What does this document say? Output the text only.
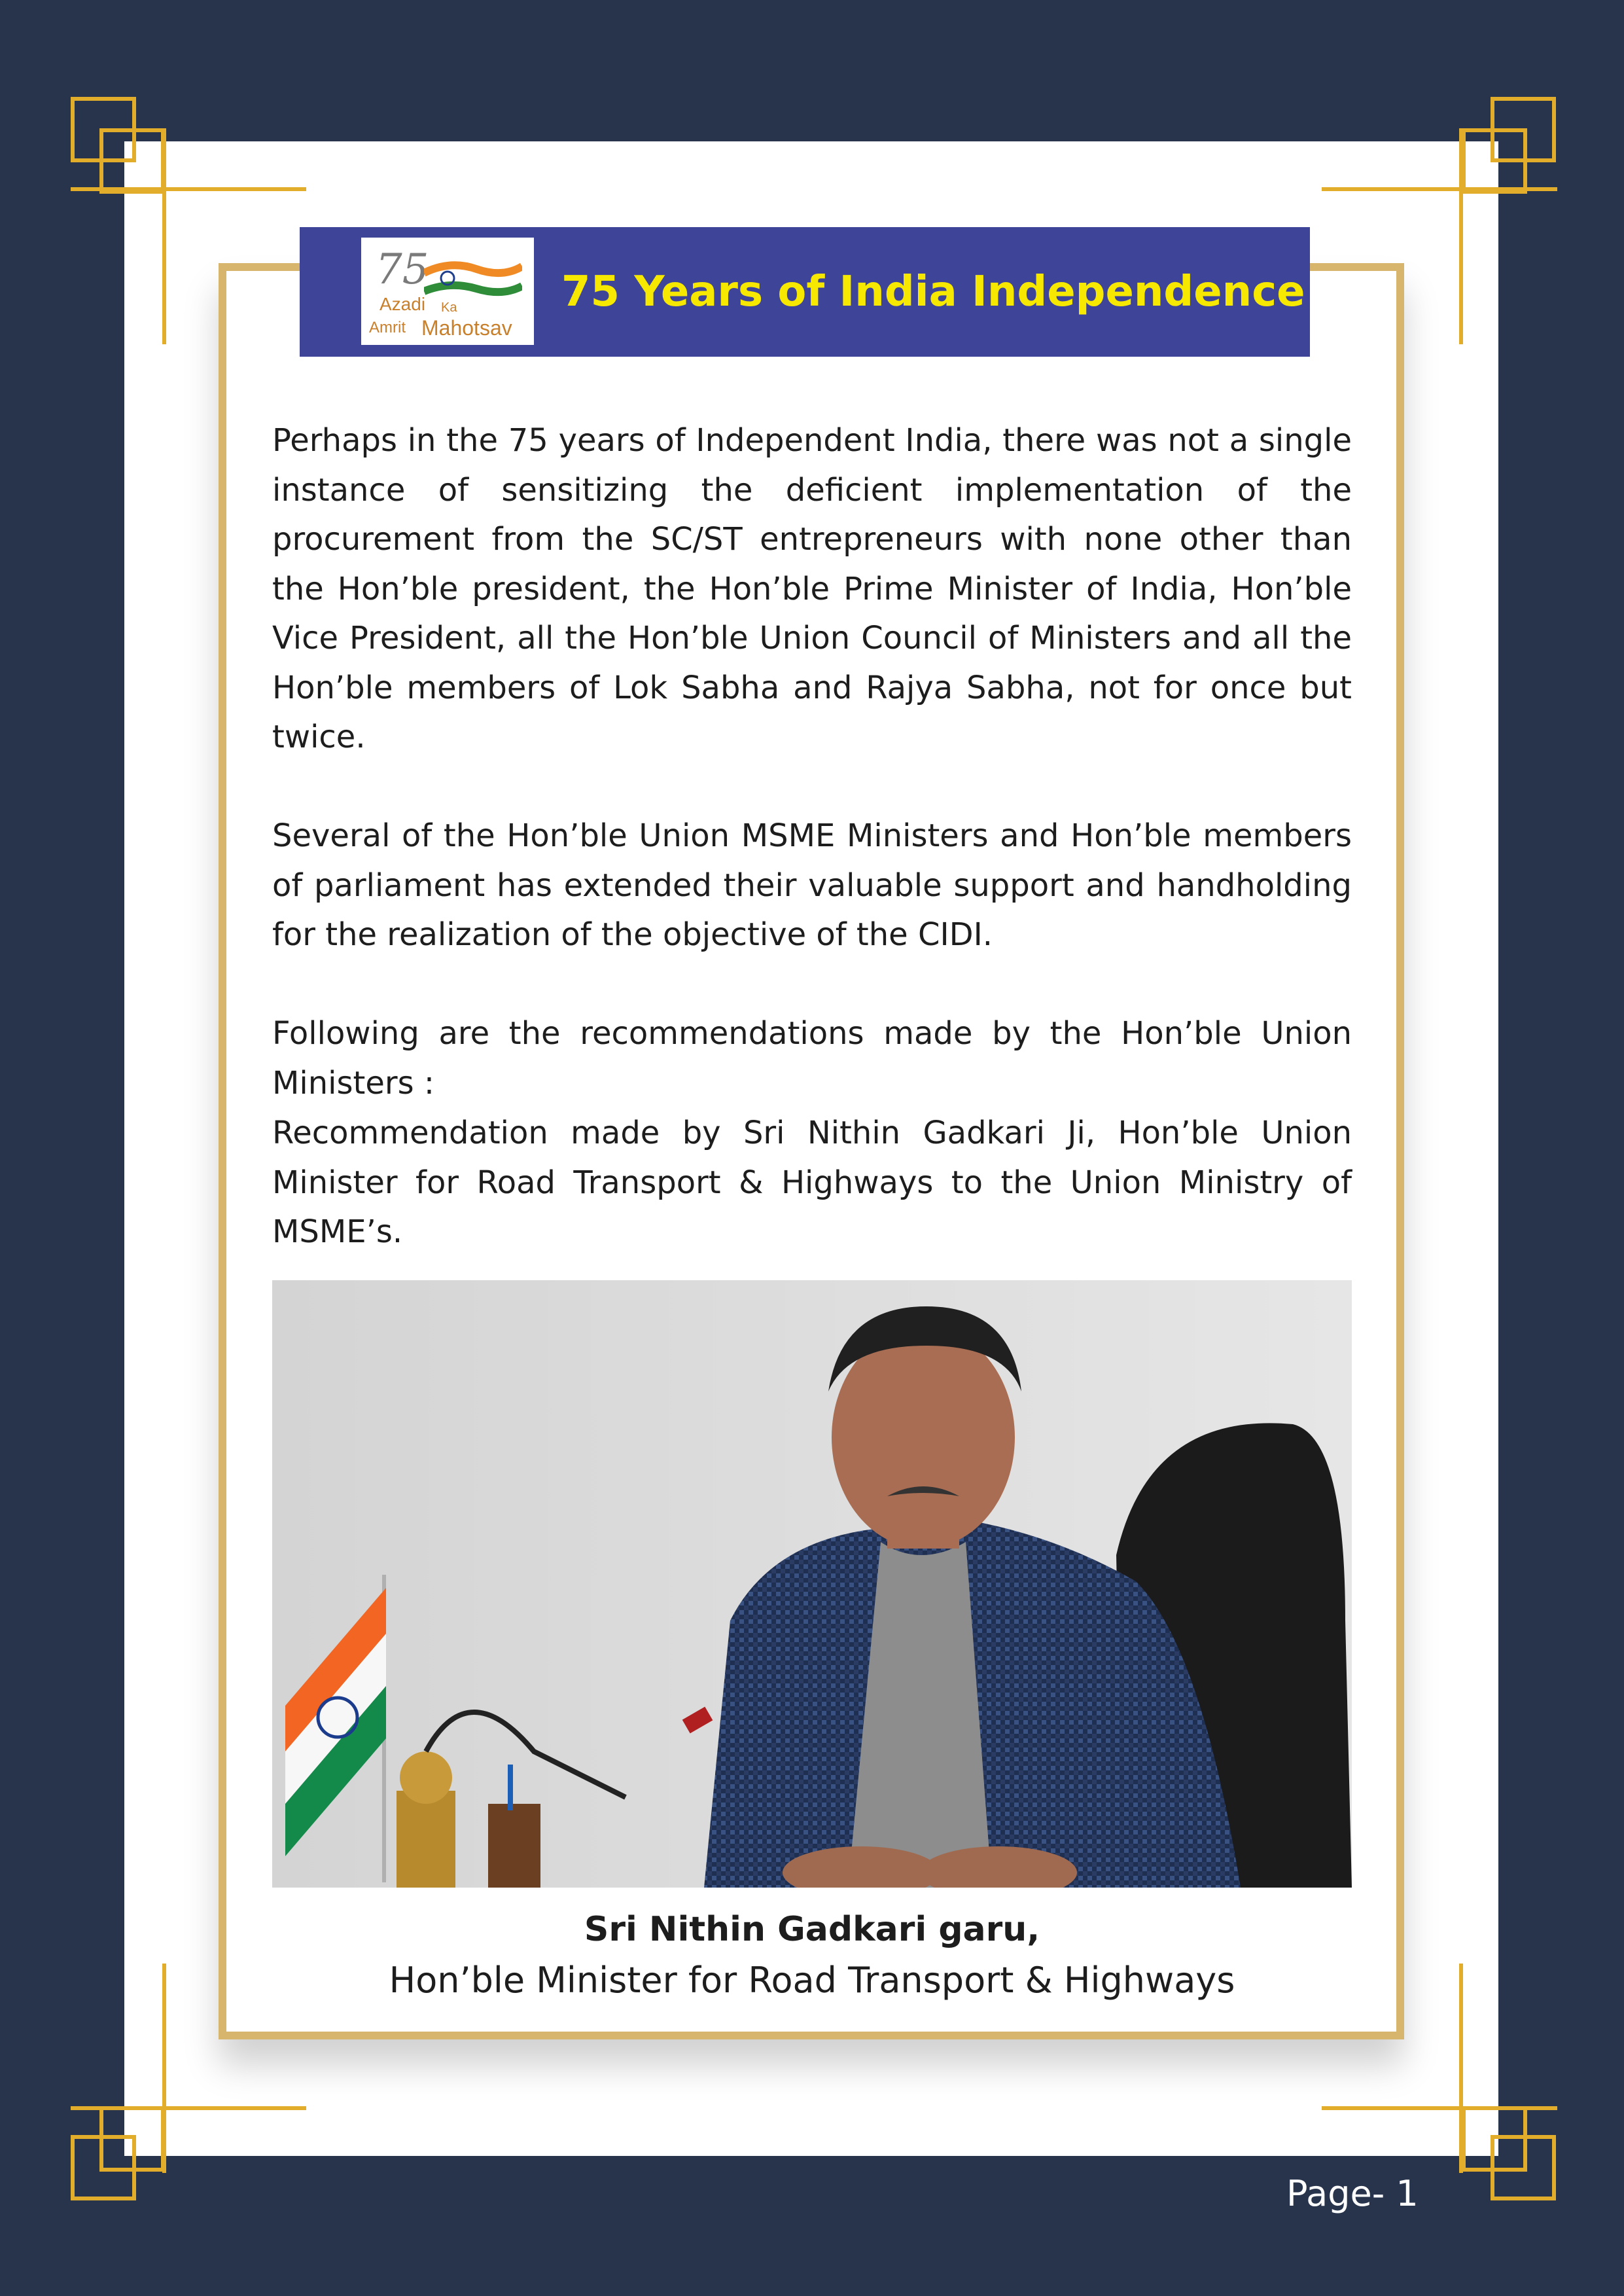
75
Azadi Ka
Amrit Mahotsav
75 Years of India Independence

Perhaps in the 75 years of Independent India, there was not a single instance of sensitizing the deficient implementation of the procurement from the SC/ST entrepreneurs with none other than the Hon’ble president, the Hon’ble Prime Minister of India, Hon’ble Vice President, all the Hon’ble Union Council of Ministers and all the Hon’ble members of Lok Sabha and Rajya Sabha, not for once but twice.

Several of the Hon’ble Union MSME Ministers and Hon’ble members of parliament has extended their valuable support and handholding for the realization of the objective of the CIDI.

Following are the recommendations made by the Hon’ble Union Ministers :

Recommendation made by Sri Nithin Gadkari Ji, Hon’ble Union Minister for Road Transport & Highways to the Union Ministry of MSME’s.

Sri Nithin Gadkari garu,

Hon’ble Minister for Road Transport & Highways

Page- 1
